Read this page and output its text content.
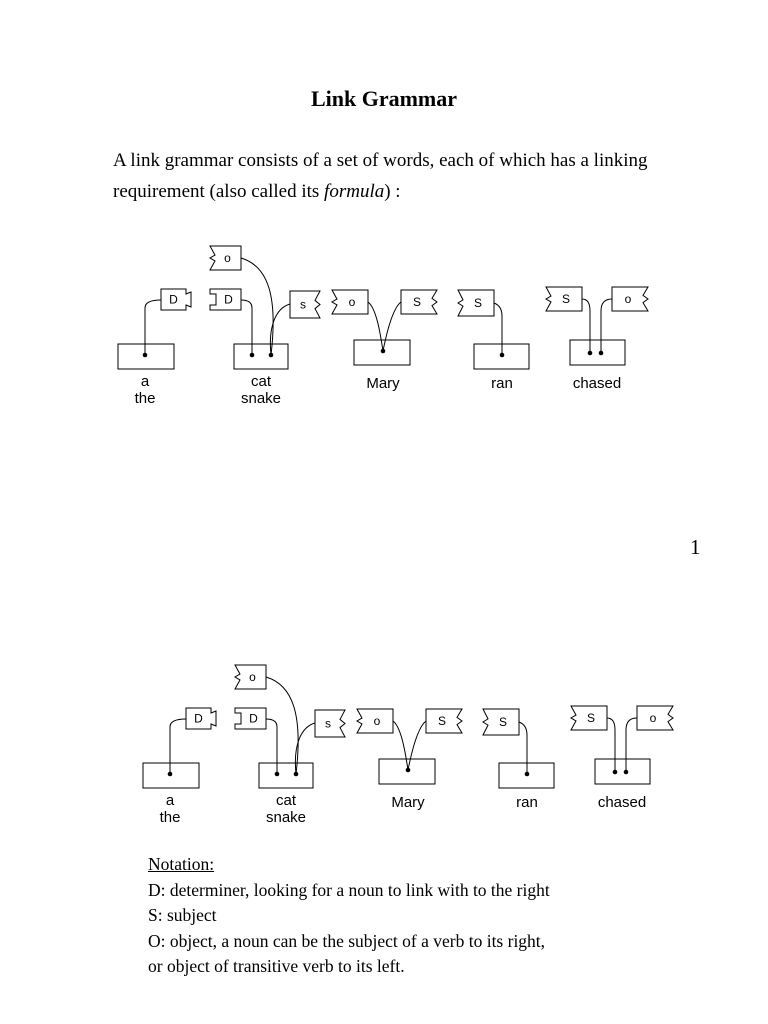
Link Grammar
A link grammar consists of a set of words, each of which has a linking requirement (also called its formula) :
1
D
a
the
o
D	s
cat
snake
o	S
Mary
S
ran
S	o
chased
D
a
the
o
D	s
cat
snake
o	S
Mary
S
ran
S	o
chased
Notation:
D: determiner, looking for a noun to link with to the right
S: subject
O: object, a noun can be the subject of a verb to its right,
or object of transitive verb to its left.
